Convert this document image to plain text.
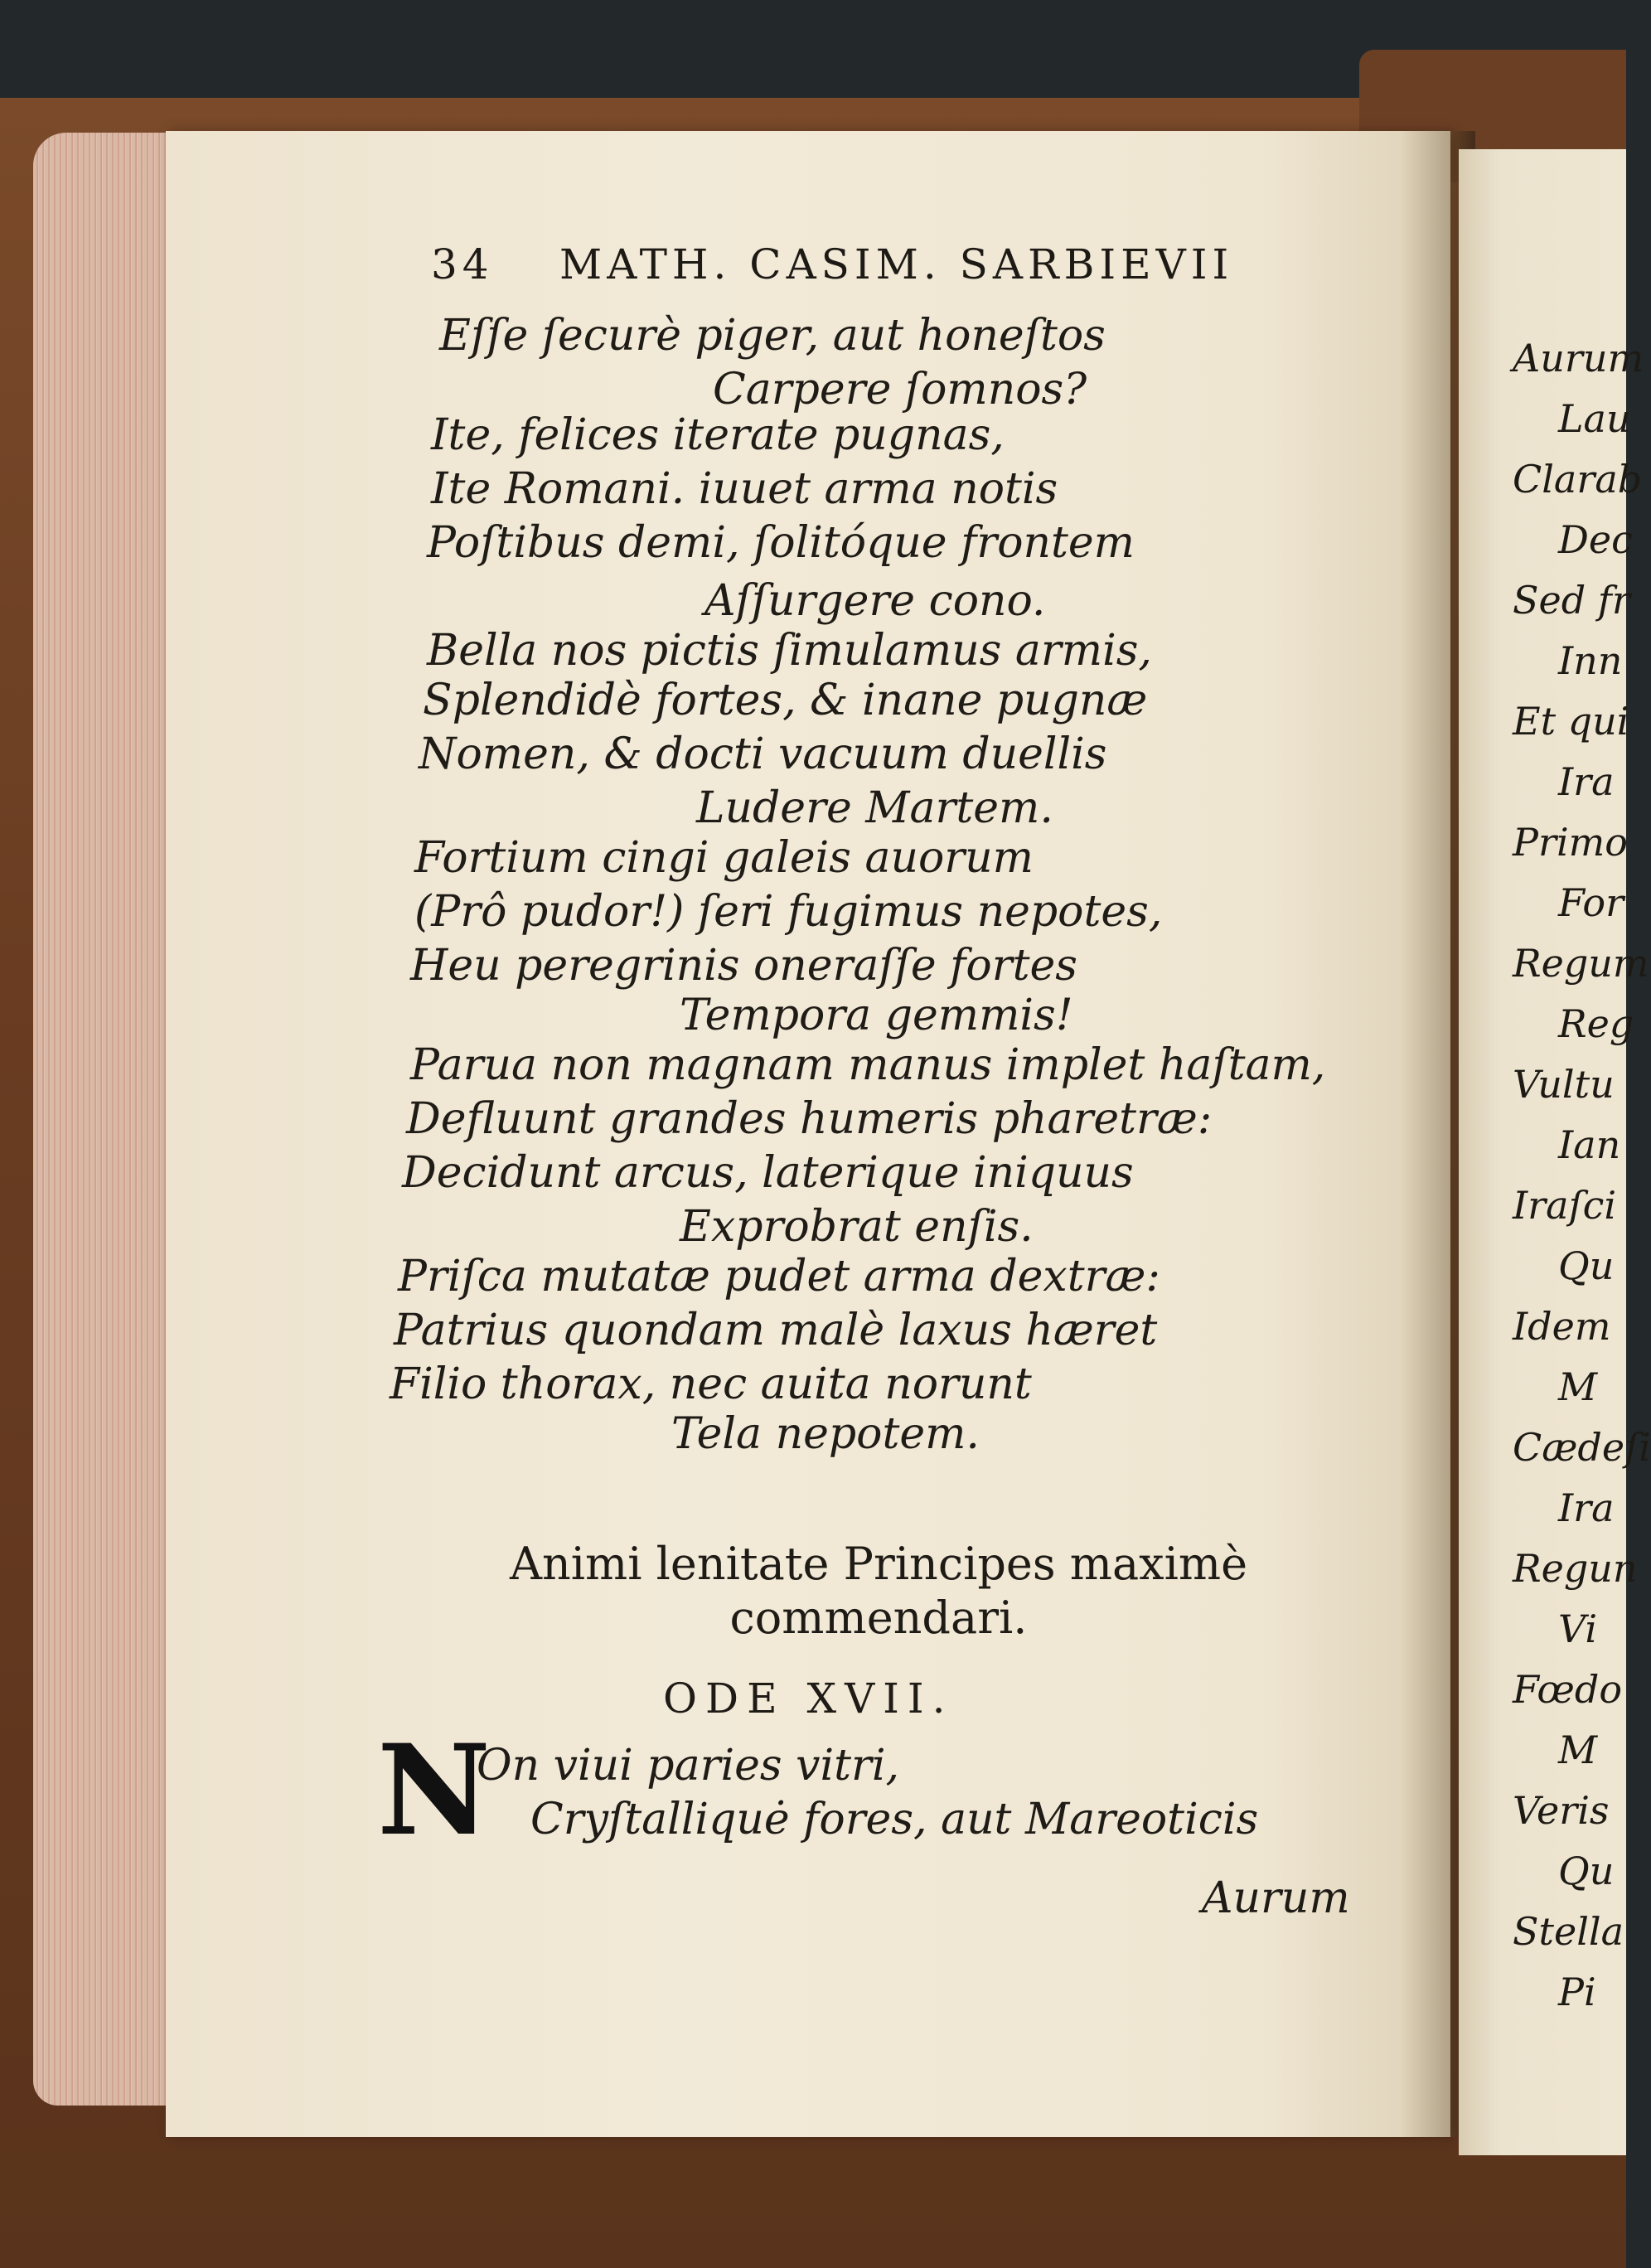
34 MATH. CASIM. SARBIEVII
ODE XVII.
N
Aurum
Eſſe ſecurè piger, aut honeſtos
Carpere ſomnos?
Ite, felices iterate pugnas,
Ite Romani. iuuet arma notis
Poſtibus demi, ſolitóque frontem
Aſſurgere cono.
Bella nos pictis ſimulamus armis,
Splendidè fortes, & inane pugnæ
Nomen, & docti vacuum duellis
Ludere Martem.
Fortium cingi galeis auorum
(Prô pudor!) ſeri fugimus nepotes,
Heu peregrinis oneraſſe fortes
Tempora gemmis!
Parua non magnam manus implet haſtam,
Defluunt grandes humeris pharetræ:
Decidunt arcus, laterique iniquus
Exprobrat enſis.
Priſca mutatæ pudet arma dextræ:
Patrius quondam malè laxus hæret
Filio thorax, nec auita norunt
Tela nepotem.
Animi lenitate Principes maximè
commendari.
On viui paries vitri,
Cryſtalliquė fores, aut Mareoticis
Aurum
Lau
Clarab
Dec
Sed fr
Inn
Et qui
Ira
Primo
For
Regum
Reg
Vultu
Ian
Iraſci
Qu
Idem
M
Cædeſi
Ira
Regun
Vi
Fœdo
M
Veris
Qu
Stella
Pi
